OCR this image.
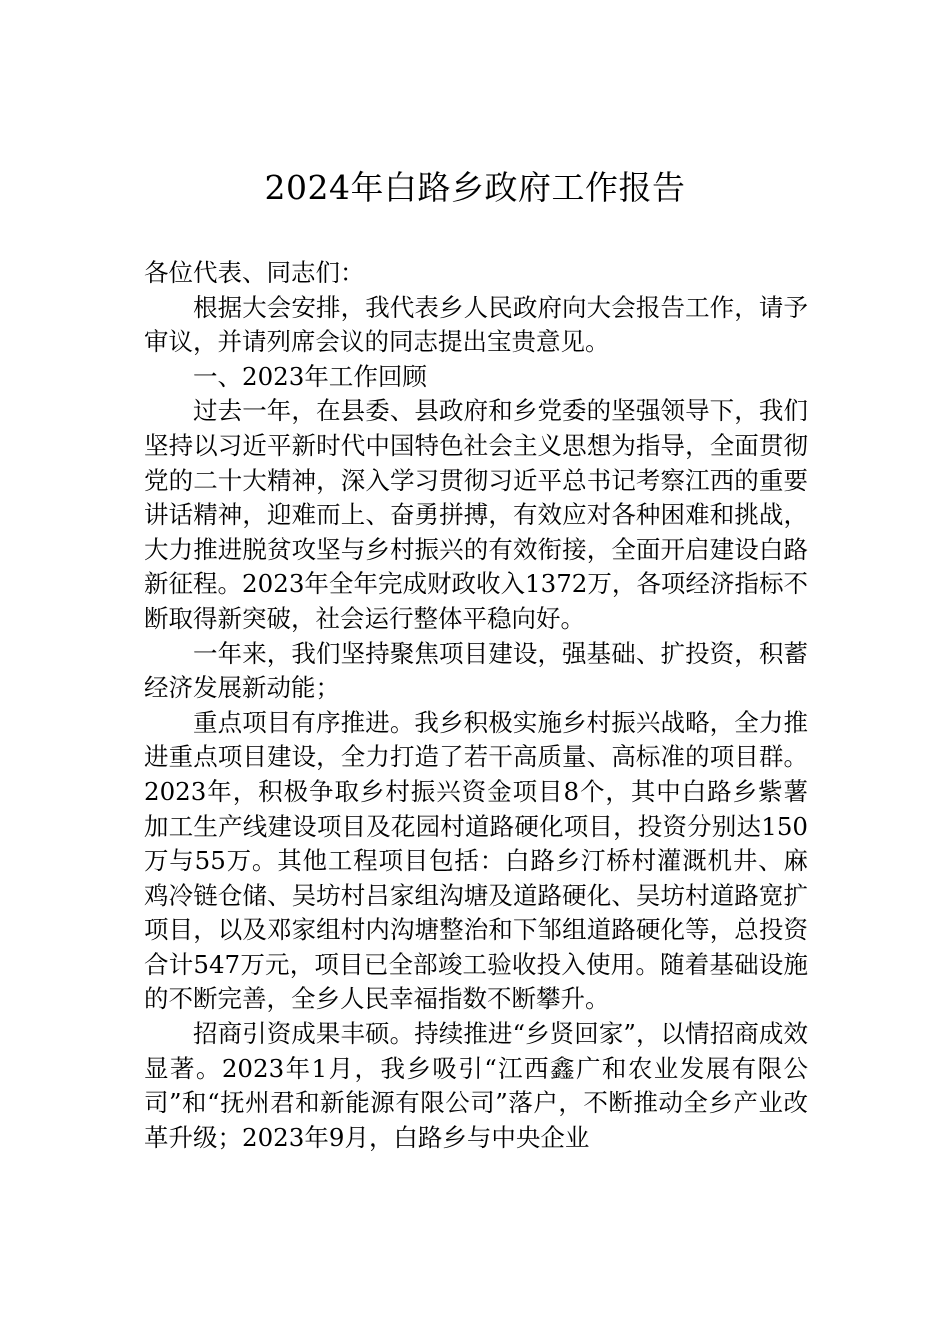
2024年白路乡政府工作报告

各位代表、同志们：

根据大会安排，我代表乡人民政府向大会报告工作，请予审议，并请列席会议的同志提出宝贵意见。

一、2023年工作回顾

过去一年，在县委、县政府和乡党委的坚强领导下，我们坚持以习近平新时代中国特色社会主义思想为指导，全面贯彻党的二十大精神，深入学习贯彻习近平总书记考察江西的重要讲话精神，迎难而上、奋勇拼搏，有效应对各种困难和挑战，大力推进脱贫攻坚与乡村振兴的有效衔接，全面开启建设白路新征程。2023年全年完成财政收入1372万，各项经济指标不断取得新突破，社会运行整体平稳向好。

一年来，我们坚持聚焦项目建设，强基础、扩投资，积蓄经济发展新动能；

重点项目有序推进。我乡积极实施乡村振兴战略，全力推进重点项目建设，全力打造了若干高质量、高标准的项目群。2023年，积极争取乡村振兴资金项目8个，其中白路乡紫薯加工生产线建设项目及花园村道路硬化项目，投资分别达150万与55万。其他工程项目包括：白路乡汀桥村灌溉机井、麻鸡冷链仓储、吴坊村吕家组沟塘及道路硬化、吴坊村道路宽扩项目，以及邓家组村内沟塘整治和下邹组道路硬化等，总投资合计547万元，项目已全部竣工验收投入使用。随着基础设施的不断完善，全乡人民幸福指数不断攀升。

招商引资成果丰硕。持续推进“乡贤回家”，以情招商成效显著。2023年1月，我乡吸引“江西鑫广和农业发展有限公司”和“抚州君和新能源有限公司”落户，不断推动全乡产业改革升级；2023年9月，白路乡与中央企业
